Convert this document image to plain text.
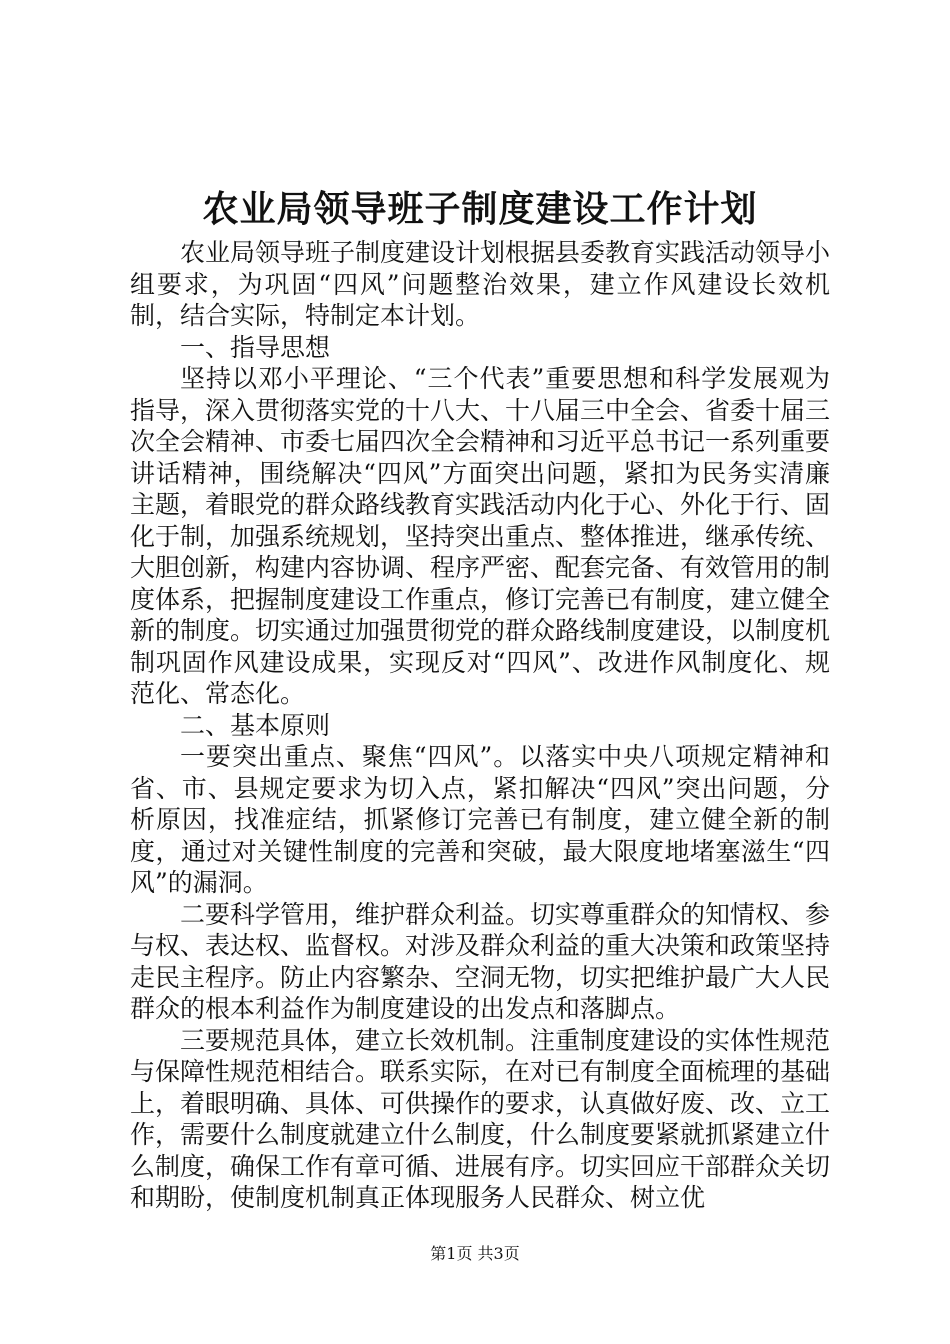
农业局领导班子制度建设工作计划

农业局领导班子制度建设计划根据县委教育实践活动领导小组要求，为巩固“四风”问题整治效果，建立作风建设长效机制，结合实际，特制定本计划。

一、指导思想

坚持以邓小平理论、“三个代表”重要思想和科学发展观为指导，深入贯彻落实党的十八大、十八届三中全会、省委十届三次全会精神、市委七届四次全会精神和习近平总书记一系列重要讲话精神，围绕解决“四风”方面突出问题，紧扣为民务实清廉主题，着眼党的群众路线教育实践活动内化于心、外化于行、固化于制，加强系统规划，坚持突出重点、整体推进，继承传统、大胆创新，构建内容协调、程序严密、配套完备、有效管用的制度体系，把握制度建设工作重点，修订完善已有制度，建立健全新的制度。切实通过加强贯彻党的群众路线制度建设，以制度机制巩固作风建设成果，实现反对“四风”、改进作风制度化、规范化、常态化。

二、基本原则

一要突出重点、聚焦“四风”。以落实中央八项规定精神和省、市、县规定要求为切入点，紧扣解决“四风”突出问题，分析原因，找准症结，抓紧修订完善已有制度，建立健全新的制度，通过对关键性制度的完善和突破，最大限度地堵塞滋生“四风”的漏洞。

二要科学管用，维护群众利益。切实尊重群众的知情权、参与权、表达权、监督权。对涉及群众利益的重大决策和政策坚持走民主程序。防止内容繁杂、空洞无物，切实把维护最广大人民群众的根本利益作为制度建设的出发点和落脚点。

三要规范具体，建立长效机制。注重制度建设的实体性规范与保障性规范相结合。联系实际，在对已有制度全面梳理的基础上，着眼明确、具体、可供操作的要求，认真做好废、改、立工作，需要什么制度就建立什么制度，什么制度要紧就抓紧建立什么制度，确保工作有章可循、进展有序。切实回应干部群众关切和期盼，使制度机制真正体现服务人民群众、树立优

第1页 共3页
